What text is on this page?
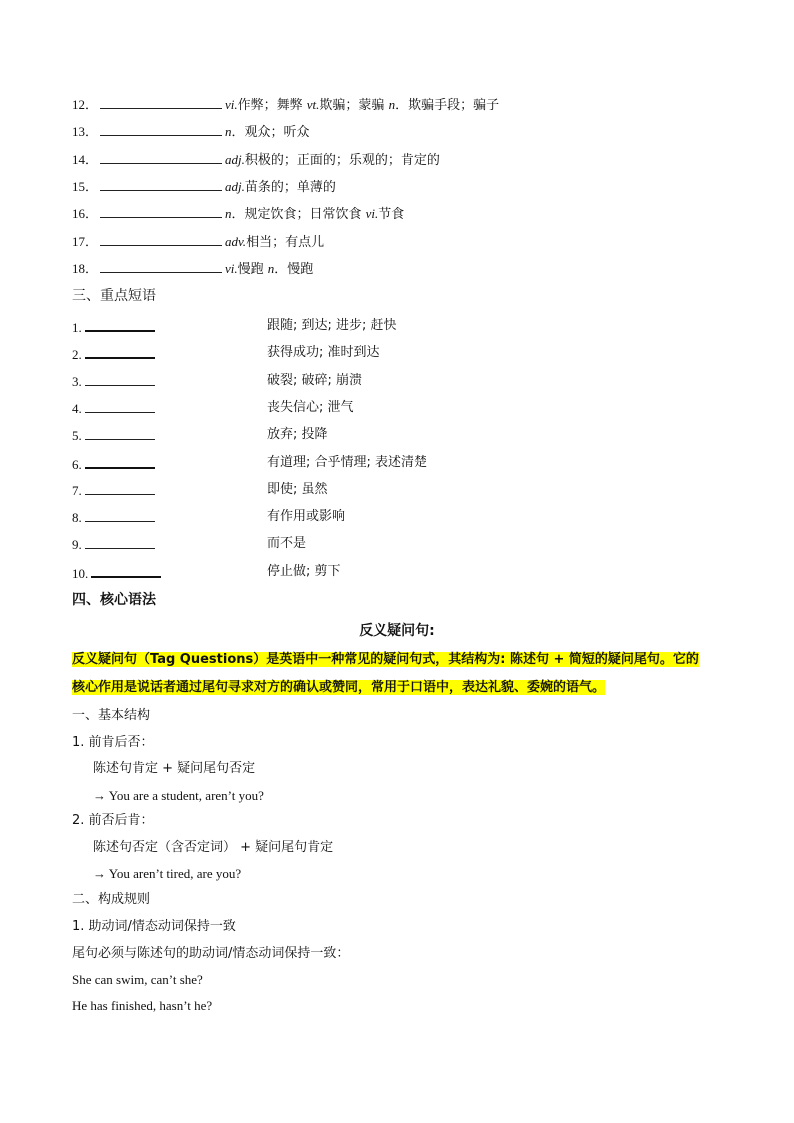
12．	vi.作弊；舞弊 vt.欺骗；蒙骗 n．欺骗手段；骗子
13．	n．观众；听众
14．	adj.积极的；正面的；乐观的；肯定的
15．	adj.苗条的；单薄的
16．	n．规定饮食；日常饮食 vi.节食
17．	adv.相当；有点儿
18．	vi.慢跑 n．慢跑
三、重点短语
1.	跟随; 到达; 进步; 赶快
2.	获得成功; 准时到达
3.	破裂; 破碎; 崩溃
4.	丧失信心; 泄气
5.	放弃; 投降
6.	有道理; 合乎情理; 表述清楚
7.	即使; 虽然
8.	有作用或影响
9.	而不是
10.	停止做; 剪下
四、核心语法
反义疑问句:
反义疑问句（Tag Questions）是英语中一种常见的疑问句式，其结构为: 陈述句 + 简短的疑问尾句。它的
核心作用是说话者通过尾句寻求对方的确认或赞同，常用于口语中，表达礼貌、委婉的语气。
一、基本结构
1. 前肯后否：
陈述句肯定 + 疑问尾句否定
→ You are a student, aren’t you?
2. 前否后肯：
陈述句否定（含否定词） + 疑问尾句肯定
→ You aren’t tired, are you?
二、构成规则
1. 助动词/情态动词保持一致
尾句必须与陈述句的助动词/情态动词保持一致：
She can swim, can’t she?
He has finished, hasn’t he?
